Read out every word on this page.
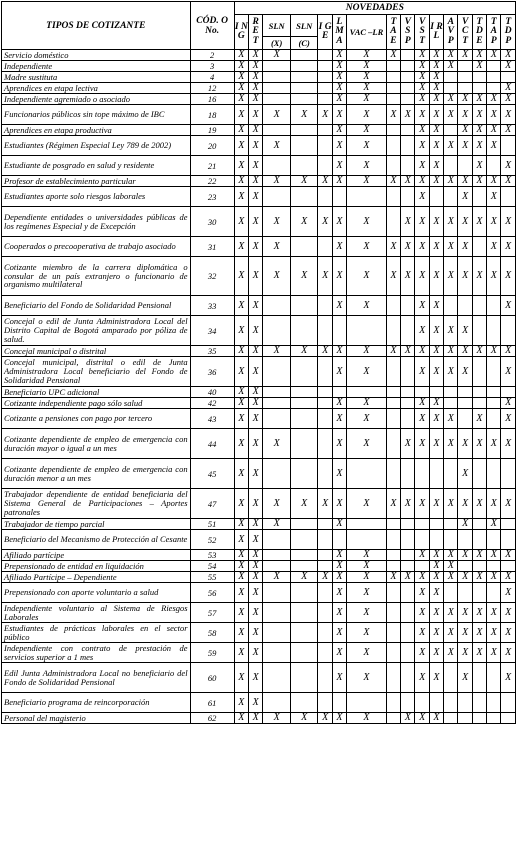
TIPOS DE COTIZANTE	CÓD. O No.	NOVEDADES															
		I N G	R E T	SLN	SLN	I G E	L M A	VAC –LR	T A E	V S P	V S T	I R L	A V P	V C T	T D E	T A P	T D P
				(X)	(C)												
Servicio doméstico	2	X	X	X			X	X	X		X	X	X	X	X	X	X
Independiente	3	X	X				X	X			X	X	X		X		X
Madre sustituta	4	X	X				X	X			X	X					
Aprendices en etapa lectiva	12	X	X				X	X			X	X					X
Independiente agremiado o asociado	16	X	X				X	X			X	X	X	X	X	X	X
Funcionarios públicos sin tope máximo de IBC	18	X	X	X	X	X	X	X	X	X	X	X	X	X	X	X	X
Aprendices en etapa productiva	19	X	X				X	X			X	X		X	X	X	X
Estudiantes (Régimen Especial Ley 789 de 2002)	20	X	X	X			X	X			X	X	X	X	X	X	
Estudiante de posgrado en salud y residente	21	X	X				X	X			X	X			X		X
Profesor de establecimiento particular	22	X	X	X	X	X	X	X	X	X	X	X	X	X	X	X	X
Estudiantes aporte solo riesgos laborales	23	X	X								X			X		X	
Dependiente entidades o universidades públicas de los regímenes Especial y de Excepción	30	X	X	X	X	X	X	X		X	X	X	X	X	X	X	X
Cooperados o precooperativa de trabajo asociado	31	X	X	X			X	X	X	X	X	X	X	X		X	X
Cotizante miembro de la carrera diplomática o consular de un país extranjero o funcionario de organismo multilateral	32	X	X	X	X	X	X	X	X	X	X	X	X	X	X	X	X
Beneficiario del Fondo de Solidaridad Pensional	33	X	X				X	X			X	X					X
Concejal o edil de Junta Administradora Local del Distrito Capital de Bogotá amparado por póliza de salud.	34	X	X								X	X	X	X			
Concejal municipal o distrital	35	X	X	X	X	X	X	X	X	X	X	X	X	X	X	X	X
Concejal municipal, distrital o edil de Junta Administradora Local beneficiario del Fondo de Solidaridad Pensional	36	X	X				X	X			X	X	X	X			X
Beneficiario UPC adicional	40	X	X														
Cotizante independiente pago sólo salud	42	X	X				X	X			X	X					X
Cotizante a pensiones con pago por tercero	43	X	X				X	X			X	X	X		X		X
Cotizante dependiente de empleo de emergencia con duración mayor o igual a un mes	44	X	X	X			X	X		X	X	X	X	X	X	X	X
Cotizante dependiente de empleo de emergencia con duración menor a un mes	45	X	X				X							X			
Trabajador dependiente de entidad beneficiaria del Sistema General de Participaciones – Aportes patronales	47	X	X	X	X	X	X	X	X	X	X	X	X	X	X	X	X
Trabajador de tiempo parcial	51	X	X	X			X							X		X	
Beneficiario del Mecanismo de Protección al Cesante	52	X	X														
Afiliado partícipe	53	X	X				X	X			X	X	X	X	X	X	X
Prepensionado de entidad en liquidación	54	X	X				X	X				X	X				
Afiliado Partícipe – Dependiente	55	X	X	X	X	X	X	X	X	X	X	X	X	X	X	X	X
Prepensionado con aporte voluntario a salud	56	X	X				X	X			X	X					X
Independiente voluntario al Sistema de Riesgos Laborales	57	X	X				X	X			X	X	X	X	X	X	X
Estudiantes de prácticas laborales en el sector público	58	X	X				X	X			X	X	X	X	X	X	X
Independiente con contrato de prestación de servicios superior a 1 mes	59	X	X				X	X			X	X	X	X	X	X	X
Edil Junta Administradora Local no beneficiario del Fondo de Solidaridad Pensional	60	X	X				X	X			X	X		X			X
Beneficiario programa de reincorporación	61	X	X														
Personal del magisterio	62	X	X	X	X	X	X	X		X	X	X					
